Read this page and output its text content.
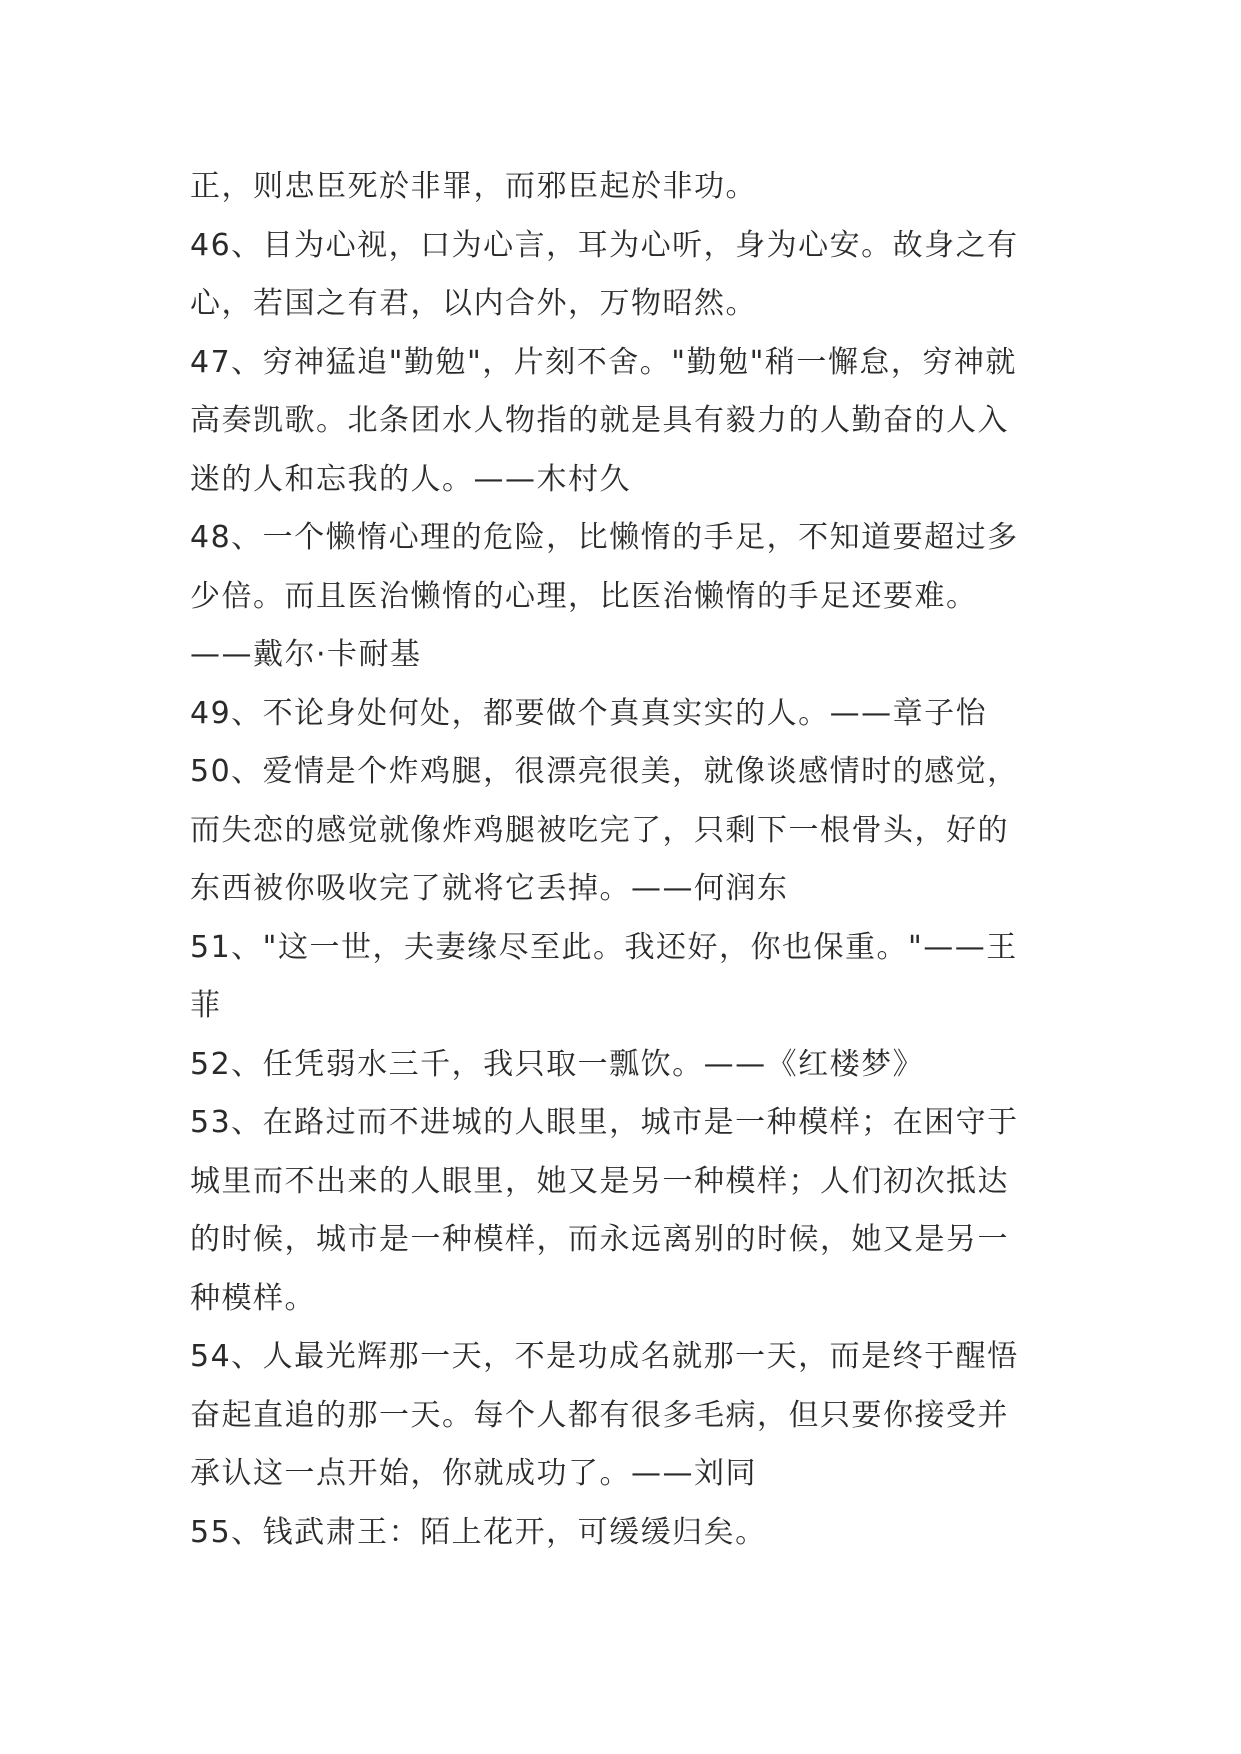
正，则忠臣死於非罪，而邪臣起於非功。
46、目为心视，口为心言，耳为心听，身为心安。故身之有
心，若国之有君，以内合外，万物昭然。
47、穷神猛追"勤勉"，片刻不舍。"勤勉"稍一懈怠，穷神就
高奏凯歌。北条团水人物指的就是具有毅力的人勤奋的人入
迷的人和忘我的人。——木村久
48、一个懒惰心理的危险，比懒惰的手足，不知道要超过多
少倍。而且医治懒惰的心理，比医治懒惰的手足还要难。
——戴尔·卡耐基
49、不论身处何处，都要做个真真实实的人。——章子怡
50、爱情是个炸鸡腿，很漂亮很美，就像谈感情时的感觉，
而失恋的感觉就像炸鸡腿被吃完了，只剩下一根骨头，好的
东西被你吸收完了就将它丢掉。——何润东
51、"这一世，夫妻缘尽至此。我还好，你也保重。"——王
菲
52、任凭弱水三千，我只取一瓢饮。——《红楼梦》
53、在路过而不进城的人眼里，城市是一种模样；在困守于
城里而不出来的人眼里，她又是另一种模样；人们初次抵达
的时候，城市是一种模样，而永远离别的时候，她又是另一
种模样。
54、人最光辉那一天，不是功成名就那一天，而是终于醒悟
奋起直追的那一天。每个人都有很多毛病，但只要你接受并
承认这一点开始，你就成功了。——刘同
55、钱武肃王：陌上花开，可缓缓归矣。
